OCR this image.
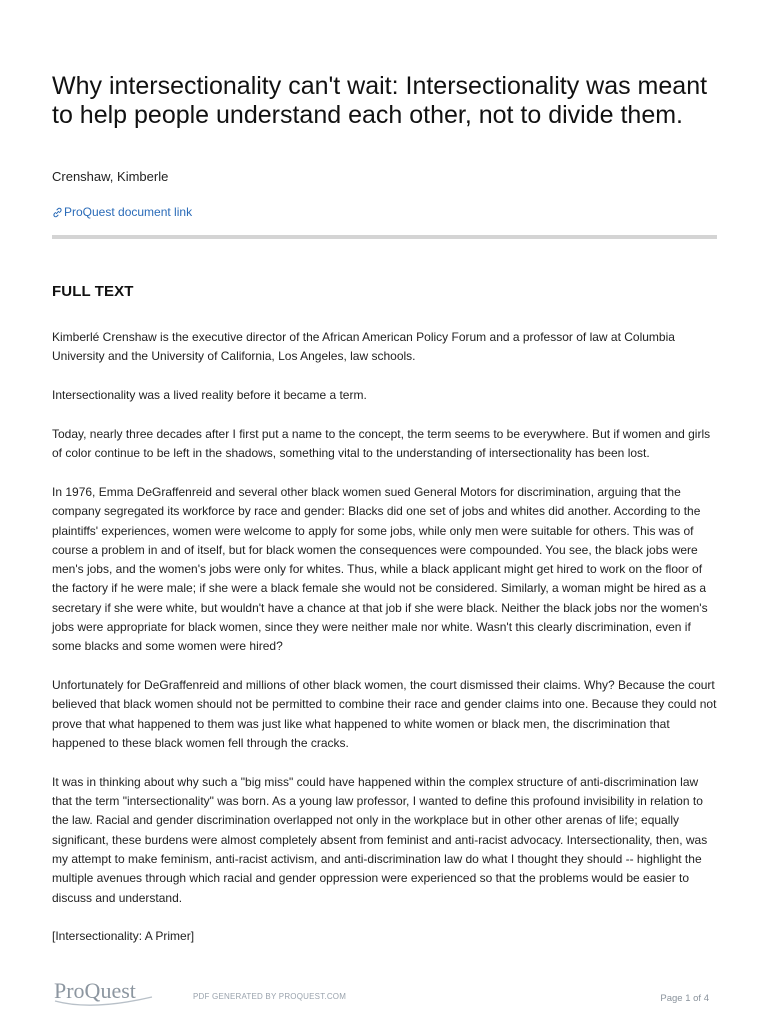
Why intersectionality can't wait: Intersectionality was meant to help people understand each other, not to divide them.
Crenshaw, Kimberle
ProQuest document link
FULL TEXT

Kimberlé Crenshaw is the executive director of the African American Policy Forum and a professor of law at Columbia University and the University of California, Los Angeles, law schools.

Intersectionality was a lived reality before it became a term.

Today, nearly three decades after I first put a name to the concept, the term seems to be everywhere. But if women and girls of color continue to be left in the shadows, something vital to the understanding of intersectionality has been lost.

In 1976, Emma DeGraffenreid and several other black women sued General Motors for discrimination, arguing that the company segregated its workforce by race and gender: Blacks did one set of jobs and whites did another. According to the plaintiffs' experiences, women were welcome to apply for some jobs, while only men were suitable for others. This was of course a problem in and of itself, but for black women the consequences were compounded. You see, the black jobs were men's jobs, and the women's jobs were only for whites. Thus, while a black applicant might get hired to work on the floor of the factory if he were male; if she were a black female she would not be considered. Similarly, a woman might be hired as a secretary if she were white, but wouldn't have a chance at that job if she were black. Neither the black jobs nor the women's jobs were appropriate for black women, since they were neither male nor white. Wasn't this clearly discrimination, even if some blacks and some women were hired?

Unfortunately for DeGraffenreid and millions of other black women, the court dismissed their claims. Why? Because the court believed that black women should not be permitted to combine their race and gender claims into one. Because they could not prove that what happened to them was just like what happened to white women or black men, the discrimination that happened to these black women fell through the cracks.

It was in thinking about why such a "big miss" could have happened within the complex structure of anti-discrimination law that the term "intersectionality" was born. As a young law professor, I wanted to define this profound invisibility in relation to the law. Racial and gender discrimination overlapped not only in the workplace but in other other arenas of life; equally significant, these burdens were almost completely absent from feminist and anti-racist advocacy. Intersectionality, then, was my attempt to make feminism, anti-racist activism, and anti-discrimination law do what I thought they should -- highlight the multiple avenues through which racial and gender oppression were experienced so that the problems would be easier to discuss and understand.

[Intersectionality: A Primer]

ProQuest	PDF GENERATED BY PROQUEST.COM	Page 1 of 4
